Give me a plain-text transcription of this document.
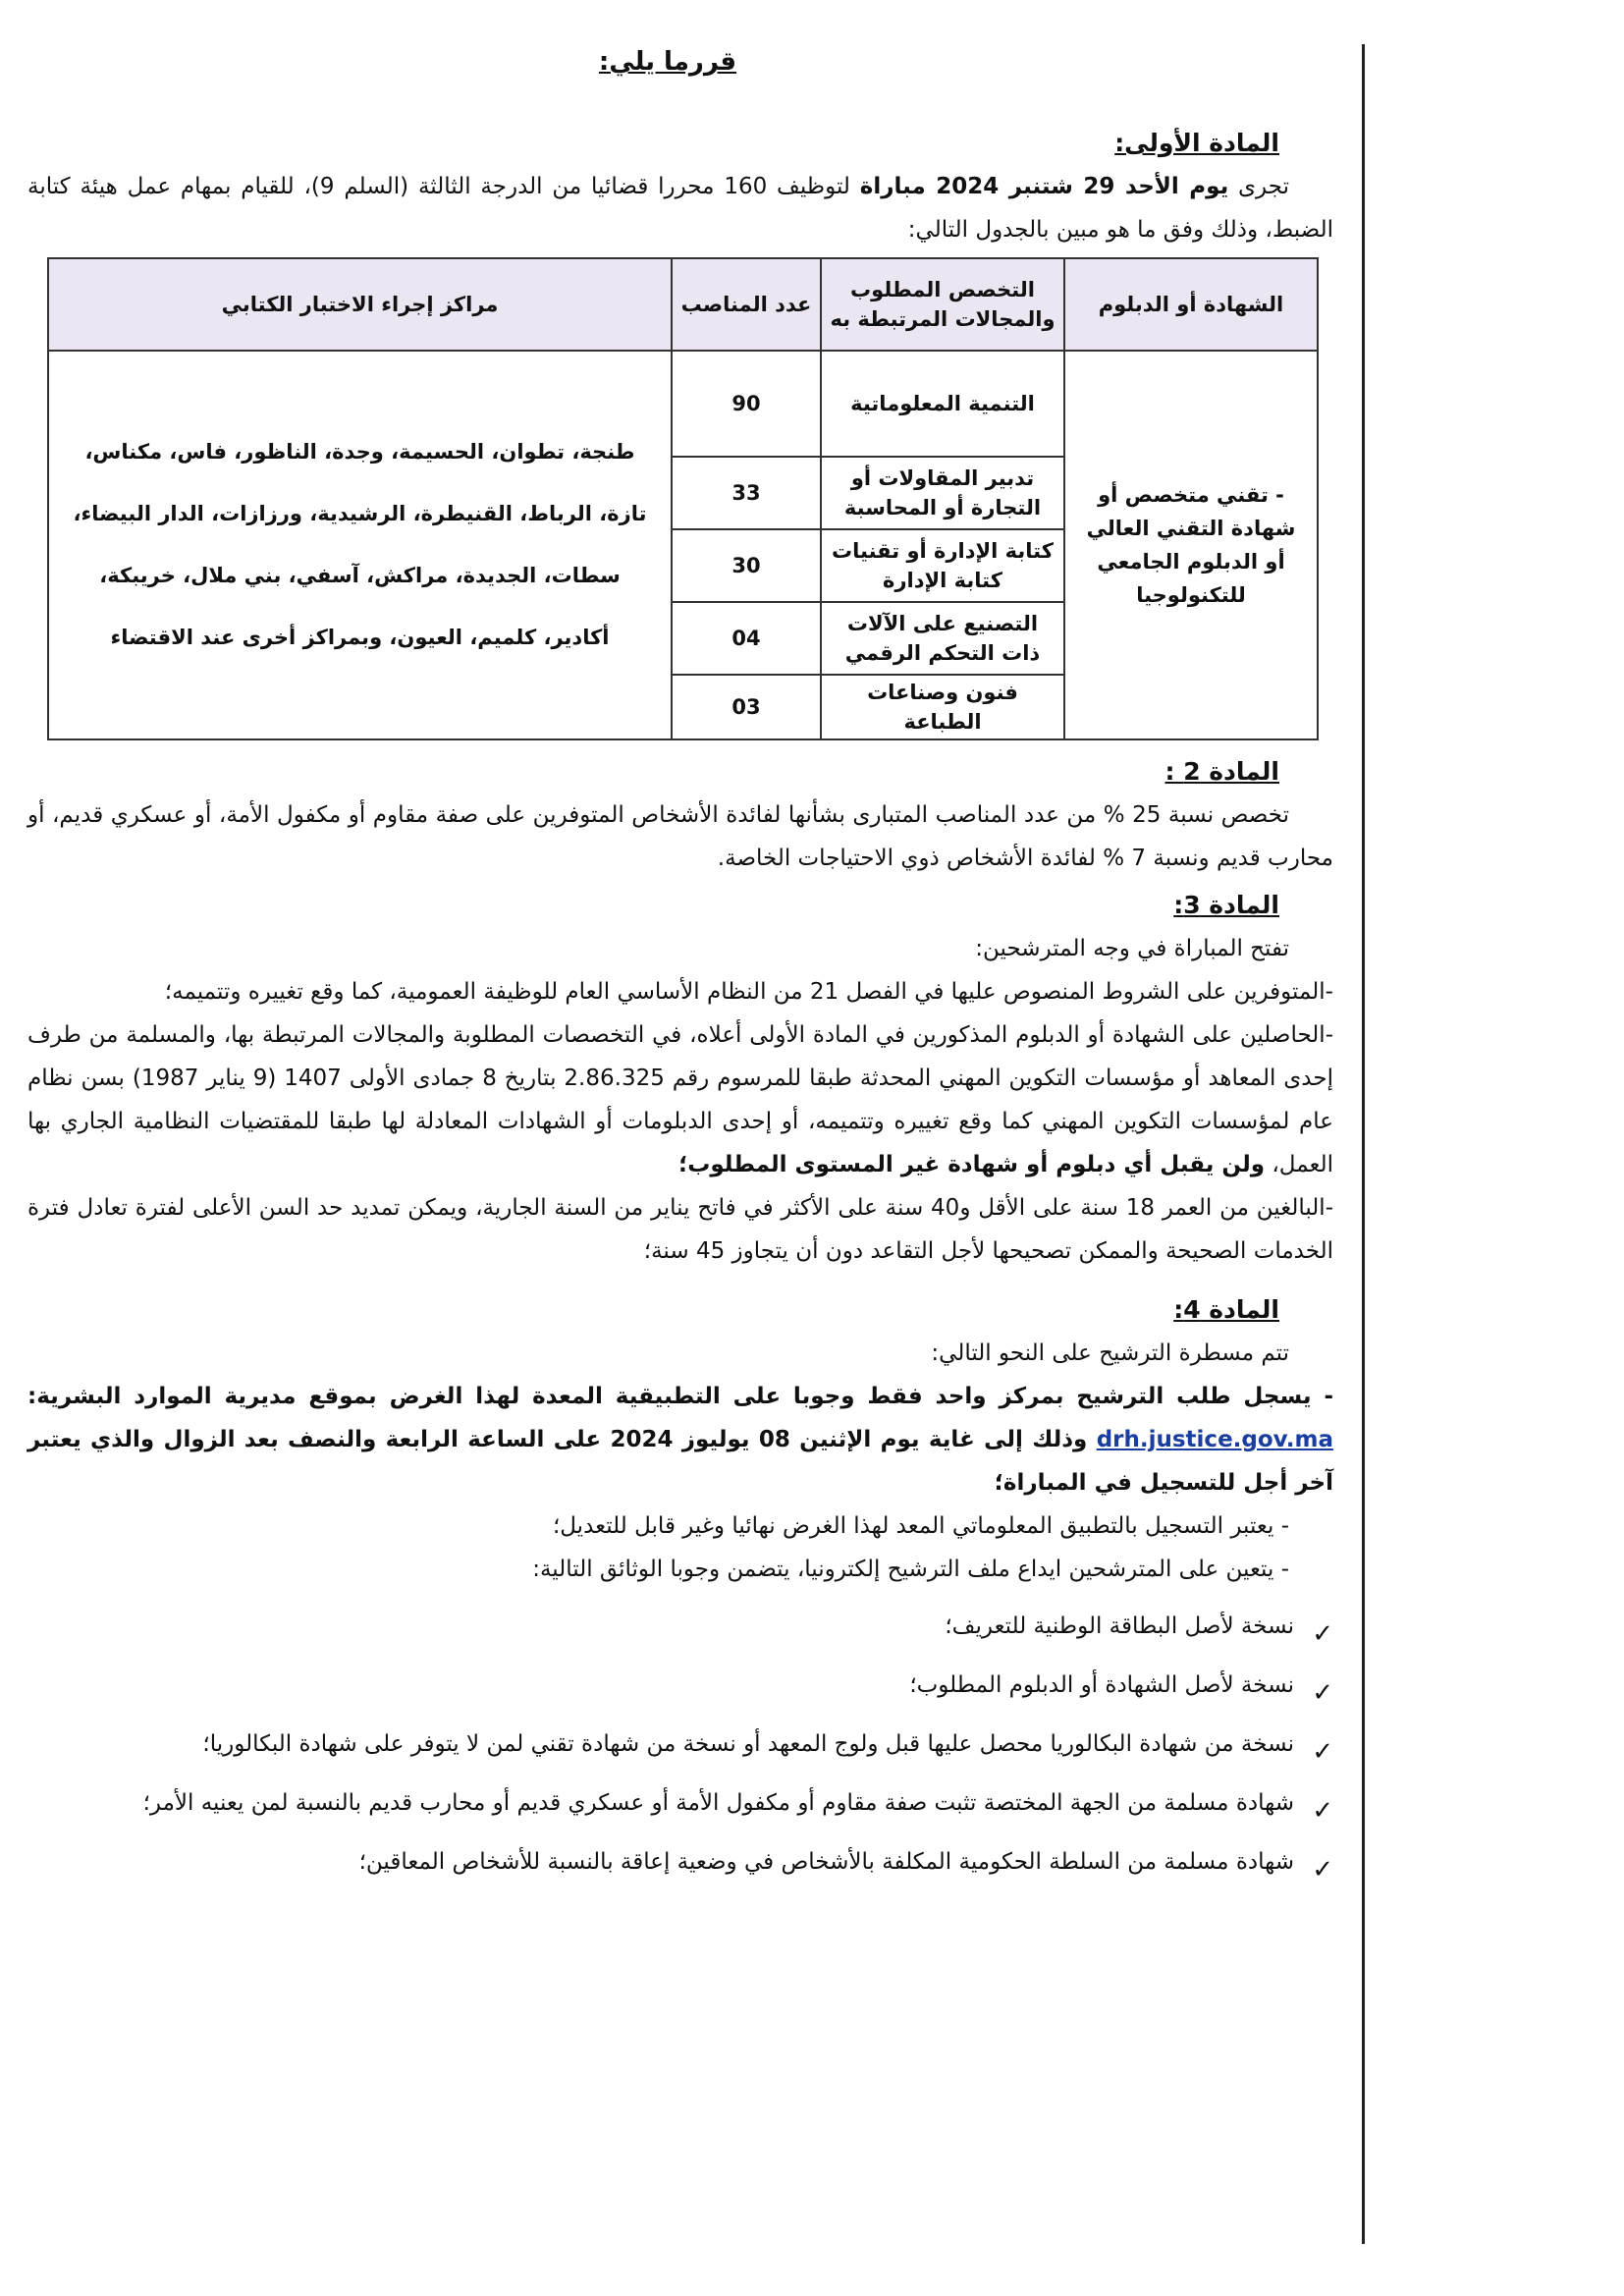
قررما يلي:

المادة الأولى:

تجرى يوم الأحد 29 شتنبر 2024 مباراة لتوظيف 160 محررا قضائيا من الدرجة الثالثة (السلم 9)، للقيام بمهام عمل هيئة كتابة الضبط، وذلك وفق ما هو مبين بالجدول التالي:

الشهادة أو الدبلوم	التخصص المطلوب والمجالات المرتبطة به	عدد المناصب	مراكز إجراء الاختبار الكتابي
- تقني متخصص أو شهادة التقني العالي أو الدبلوم الجامعي للتكنولوجيا	التنمية المعلوماتية	90	طنجة، تطوان، الحسيمة، وجدة، الناظور، فاس، مكناس، تازة، الرباط، القنيطرة، الرشيدية، ورزازات، الدار البيضاء، سطات، الجديدة، مراكش، آسفي، بني ملال، خريبكة، أكادير، كلميم، العيون، وبمراكز أخرى عند الاقتضاء
	تدبير المقاولات أو التجارة أو المحاسبة	33	
	كتابة الإدارة أو تقنيات كتابة الإدارة	30	
	التصنيع على الآلات ذات التحكم الرقمي	04	
	فنون وصناعات الطباعة	03	

المادة 2 :

تخصص نسبة 25 % من عدد المناصب المتبارى بشأنها لفائدة الأشخاص المتوفرين على صفة مقاوم أو مكفول الأمة، أو عسكري قديم، أو محارب قديم ونسبة 7 % لفائدة الأشخاص ذوي الاحتياجات الخاصة.

المادة 3:

تفتح المباراة في وجه المترشحين:

-المتوفرين على الشروط المنصوص عليها في الفصل 21 من النظام الأساسي العام للوظيفة العمومية، كما وقع تغييره وتتميمه؛

-الحاصلين على الشهادة أو الدبلوم المذكورين في المادة الأولى أعلاه، في التخصصات المطلوبة والمجالات المرتبطة بها، والمسلمة من طرف إحدى المعاهد أو مؤسسات التكوين المهني المحدثة طبقا للمرسوم رقم 2.86.325 بتاريخ 8 جمادى الأولى 1407 (9 يناير 1987) بسن نظام عام لمؤسسات التكوين المهني كما وقع تغييره وتتميمه، أو إحدى الدبلومات أو الشهادات المعادلة لها طبقا للمقتضيات النظامية الجاري بها العمل، ولن يقبل أي دبلوم أو شهادة غير المستوى المطلوب؛

-البالغين من العمر 18 سنة على الأقل و40 سنة على الأكثر في فاتح يناير من السنة الجارية، ويمكن تمديد حد السن الأعلى لفترة تعادل فترة الخدمات الصحيحة والممكن تصحيحها لأجل التقاعد دون أن يتجاوز 45 سنة؛

المادة 4:

تتم مسطرة الترشيح على النحو التالي:

- يسجل طلب الترشيح بمركز واحد فقط وجوبا على التطبيقية المعدة لهذا الغرض بموقع مديرية الموارد البشرية: drh.justice.gov.ma وذلك إلى غاية يوم الإثنين 08 يوليوز 2024 على الساعة الرابعة والنصف بعد الزوال والذي يعتبر آخر أجل للتسجيل في المباراة؛

- يعتبر التسجيل بالتطبيق المعلوماتي المعد لهذا الغرض نهائيا وغير قابل للتعديل؛

- يتعين على المترشحين ايداع ملف الترشيح إلكترونيا، يتضمن وجوبا الوثائق التالية:

✓
نسخة لأصل البطاقة الوطنية للتعريف؛

✓
نسخة لأصل الشهادة أو الدبلوم المطلوب؛

✓
نسخة من شهادة البكالوريا محصل عليها قبل ولوج المعهد أو نسخة من شهادة تقني لمن لا يتوفر على شهادة البكالوريا؛

✓
شهادة مسلمة من الجهة المختصة تثبت صفة مقاوم أو مكفول الأمة أو عسكري قديم أو محارب قديم بالنسبة لمن يعنيه الأمر؛

✓
شهادة مسلمة من السلطة الحكومية المكلفة بالأشخاص في وضعية إعاقة بالنسبة للأشخاص المعاقين؛
